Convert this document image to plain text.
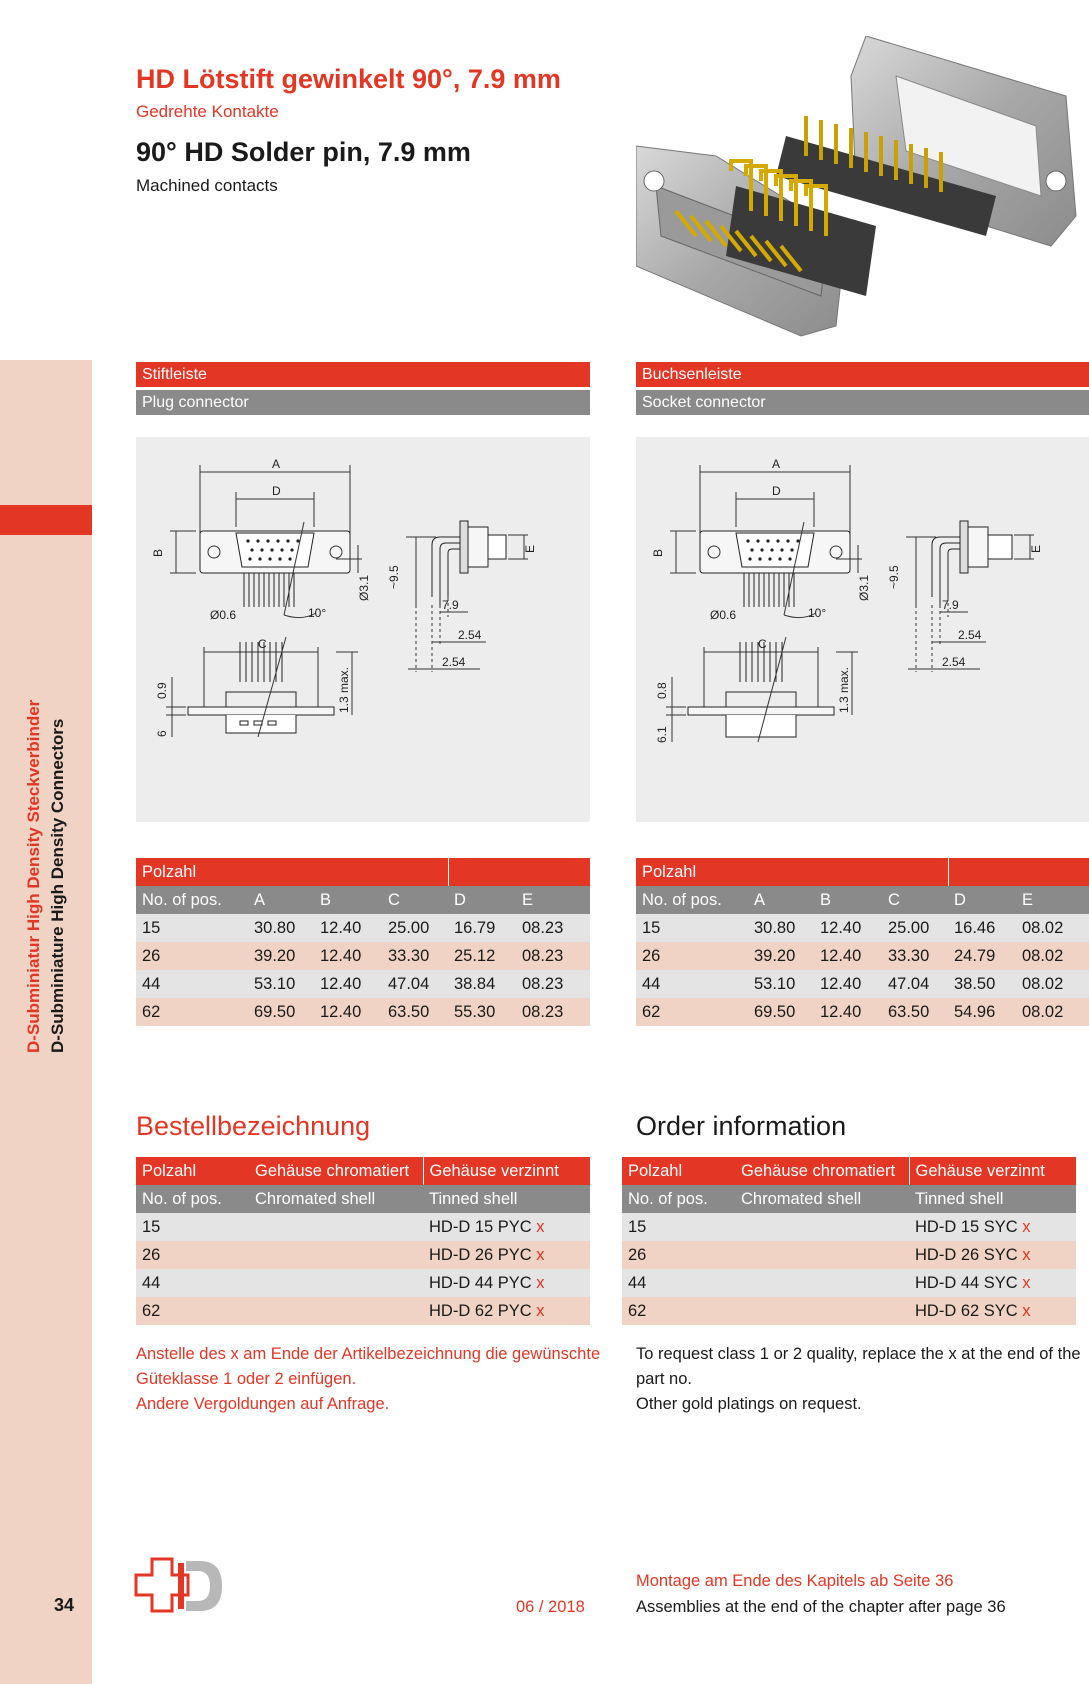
D-Subminiatur High Density Steckverbinder D-Subminiature High Density Connectors
34
HD Lötstift gewinkelt 90°, 7.9 mm
Gedrehte Kontakte
90° HD Solder pin, 7.9 mm
Machined contacts
Stiftleiste
Plug connector
Buchsenleiste
Socket connector
A
D
B
Ø0.6	10°
Ø3.1
E
~9.5
7.9
2.54
2.54
C
0.9
6
1.3 max.
A
D
B
Ø0.6	10°
Ø3.1
E
~9.5
7.9
2.54
2.54
C
0.8
6.1
1.3 max.
Polzahl					
No. of pos.	A	B	C	D	E
15	30.80	12.40	25.00	16.79	08.23
26	39.20	12.40	33.30	25.12	08.23
44	53.10	12.40	47.04	38.84	08.23
62	69.50	12.40	63.50	55.30	08.23
Polzahl					
No. of pos.	A	B	C	D	E
15	30.80	12.40	25.00	16.46	08.02
26	39.20	12.40	33.30	24.79	08.02
44	53.10	12.40	47.04	38.50	08.02
62	69.50	12.40	63.50	54.96	08.02
Bestellbezeichnung	Order information
Polzahl	Gehäuse chromatiert	Gehäuse verzinnt
No. of pos.	Chromated shell	Tinned shell
15		HD-D 15 PYC x
26		HD-D 26 PYC x
44		HD-D 44 PYC x
62		HD-D 62 PYC x
Polzahl	Gehäuse chromatiert	Gehäuse verzinnt
No. of pos.	Chromated shell	Tinned shell
15		HD-D 15 SYC x
26		HD-D 26 SYC x
44		HD-D 44 SYC x
62		HD-D 62 SYC x
Anstelle des x am Ende der Artikelbezeichnung die gewünschte
Güteklasse 1 oder 2 einfügen.
Andere Vergoldungen auf Anfrage.
To request class 1 or 2 quality, replace the x at the end of the
part no.
Other gold platings on request.
06 / 2018
Montage am Ende des Kapitels ab Seite 36
Assemblies at the end of the chapter after page 36
